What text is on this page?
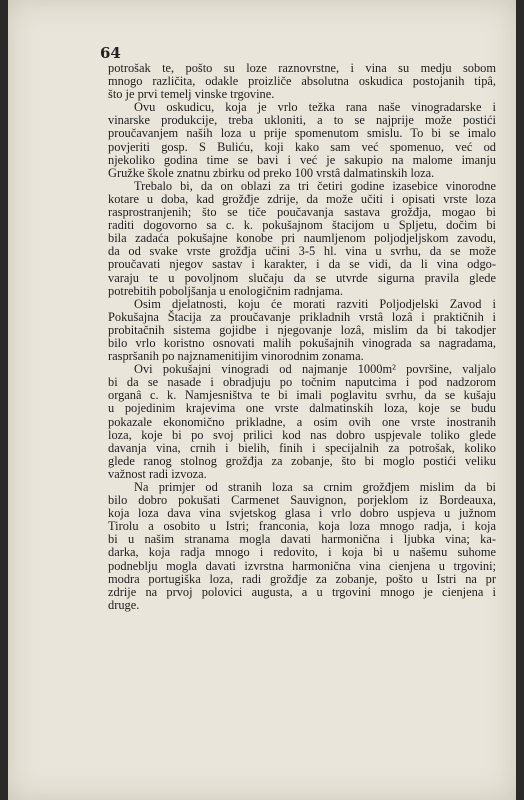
64
potrošak te, pošto su loze raznovrstne, i vina su medju sobom
mnogo različita, odakle proizliče absolutna oskudica postojanih tipâ,
što je prvi temelj vinske trgovine.
Ovu oskudicu, koja je vrlo težka rana naše vinogradarske i
vinarske produkcije, treba ukloniti, a to se najprije može postići
proučavanjem naših loza u prije spomenutom smislu. To bi se imalo
povjeriti gosp. S Buliću, koji kako sam već spomenuo, već od
njekoliko godina time se bavi i već je sakupio na malome imanju
Gružke škole znatnu zbirku od preko 100 vrstâ dalmatinskih loza.
Trebalo bi, da on oblazi za tri četiri godine izasebice vinorodne
kotare u doba, kad grožđje zdrije, da može učiti i opisati vrste loza
rasprostranjenih; što se tiče poučavanja sastava grožđja, mogao bi
raditi dogovorno sa c. k. pokušajnom štacijom u Spljetu, dočim bi
bila zadaća pokušajne konobe pri naumljenom poljodjeljskom zavodu,
da od svake vrste grožđja učini 3-5 hl. vina u svrhu, da se može
proučavati njegov sastav i karakter, i da se vidi, da li vina odgo-
varaju te u povoljnom slučaju da se utvrde sigurna pravila glede
potrebitih poboljšanja u enologičnim radnjama.
Osim djelatnosti, koju će morati razviti Poljodjelski Zavod i
Pokušajna Štacija za proučavanje prikladnih vrstâ lozâ i praktičnih i
probitačnih sistema gojidbe i njegovanje lozâ, mislim da bi takodjer
bilo vrlo koristno osnovati malih pokušajnih vinograda sa nagradama,
raspršanih po najznamenitijim vinorodnim zonama.
Ovi pokušajni vinogradi od najmanje 1000m² površine, valjalo
bi da se nasade i obradjuju po točnim naputcima i pod nadzorom
organâ c. k. Namjesništva te bi imali poglavitu svrhu, da se kušaju
u pojedinim krajevima one vrste dalmatinskih loza, koje se budu
pokazale ekonomično prikladne, a osim ovih one vrste inostranih
loza, koje bi po svoj prilici kod nas dobro uspjevale toliko glede
davanja vina, crnih i bielih, finih i specijalnih za potrošak, koliko
glede ranog stolnog grožđja za zobanje, što bi moglo postići veliku
važnost radi izvoza.
Na primjer od stranih loza sa crnim grožđjem mislim da bi
bilo dobro pokušati Carmenet Sauvignon, porjeklom iz Bordeauxa,
koja loza dava vina svjetskog glasa i vrlo dobro uspjeva u južnom
Tirolu a osobito u Istri; franconia, koja loza mnogo radja, i koja
bi u našim stranama mogla davati harmonična i ljubka vina; ka-
darka, koja radja mnogo i redovito, i koja bi u našemu suhome
podneblju mogla davati izvrstna harmonična vina cienjena u trgovini;
modra portugiška loza, radi grožđje za zobanje, pošto u Istri na pr
zdrije na prvoj polovici augusta, a u trgovini mnogo je cienjena i
druge.
